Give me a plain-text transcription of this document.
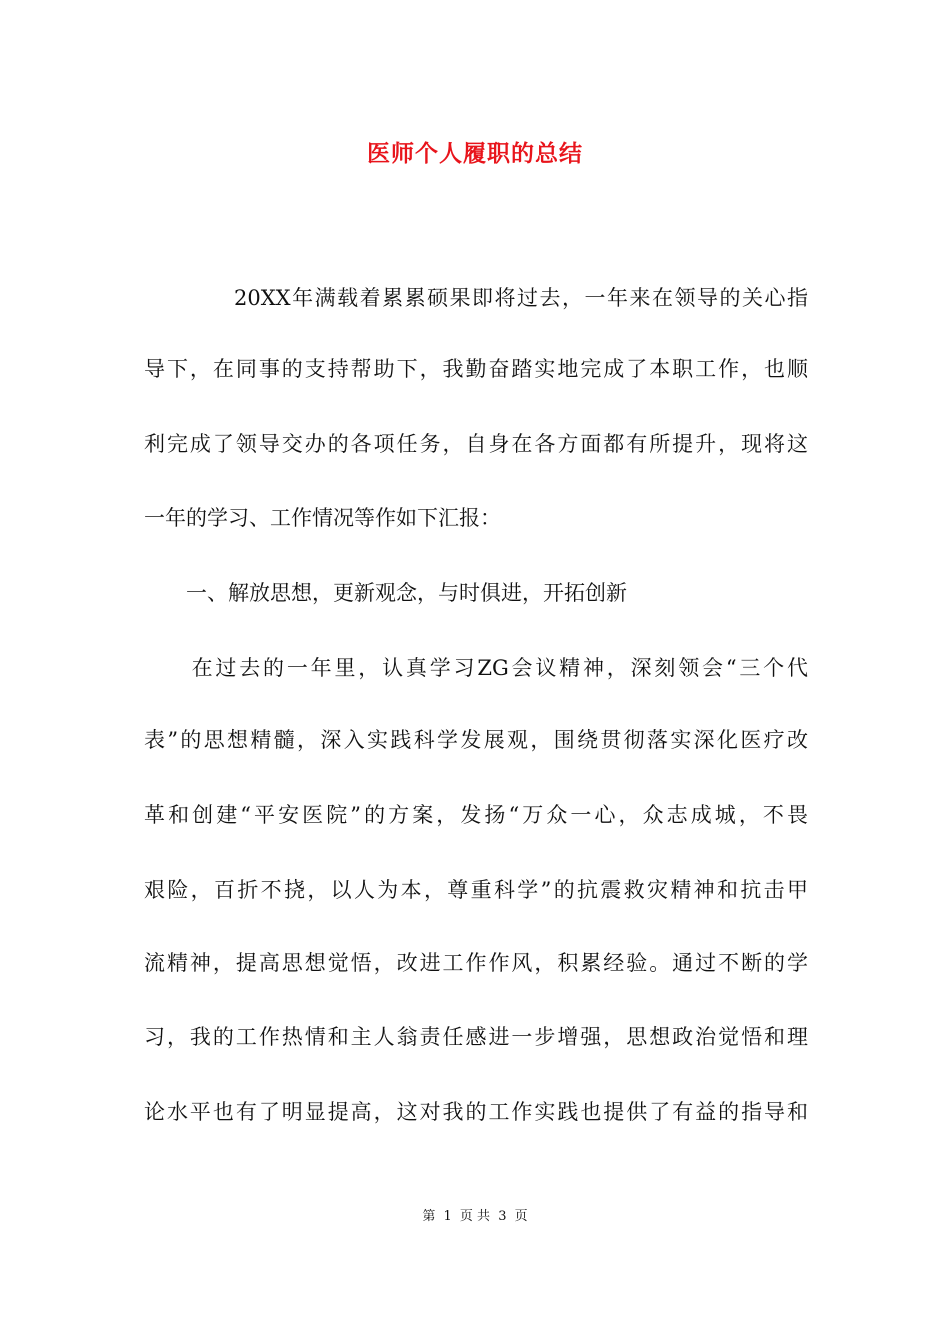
医师个人履职的总结
　　　　20XX年满载着累累硕果即将过去，一年来在领导的关心指
导下，在同事的支持帮助下，我勤奋踏实地完成了本职工作，也顺
利完成了领导交办的各项任务，自身在各方面都有所提升，现将这
一年的学习、工作情况等作如下汇报：
　　一、解放思想，更新观念，与时俱进，开拓创新
　　在过去的一年里，认真学习ZG会议精神，深刻领会“三个代
表”的思想精髓，深入实践科学发展观，围绕贯彻落实深化医疗改
革和创建“平安医院”的方案，发扬“万众一心，众志成城，不畏
艰险，百折不挠，以人为本，尊重科学”的抗震救灾精神和抗击甲
流精神，提高思想觉悟，改进工作作风，积累经验。通过不断的学
习，我的工作热情和主人翁责任感进一步增强，思想政治觉悟和理
论水平也有了明显提高，这对我的工作实践也提供了有益的指导和
第 1 页 共 3 页
